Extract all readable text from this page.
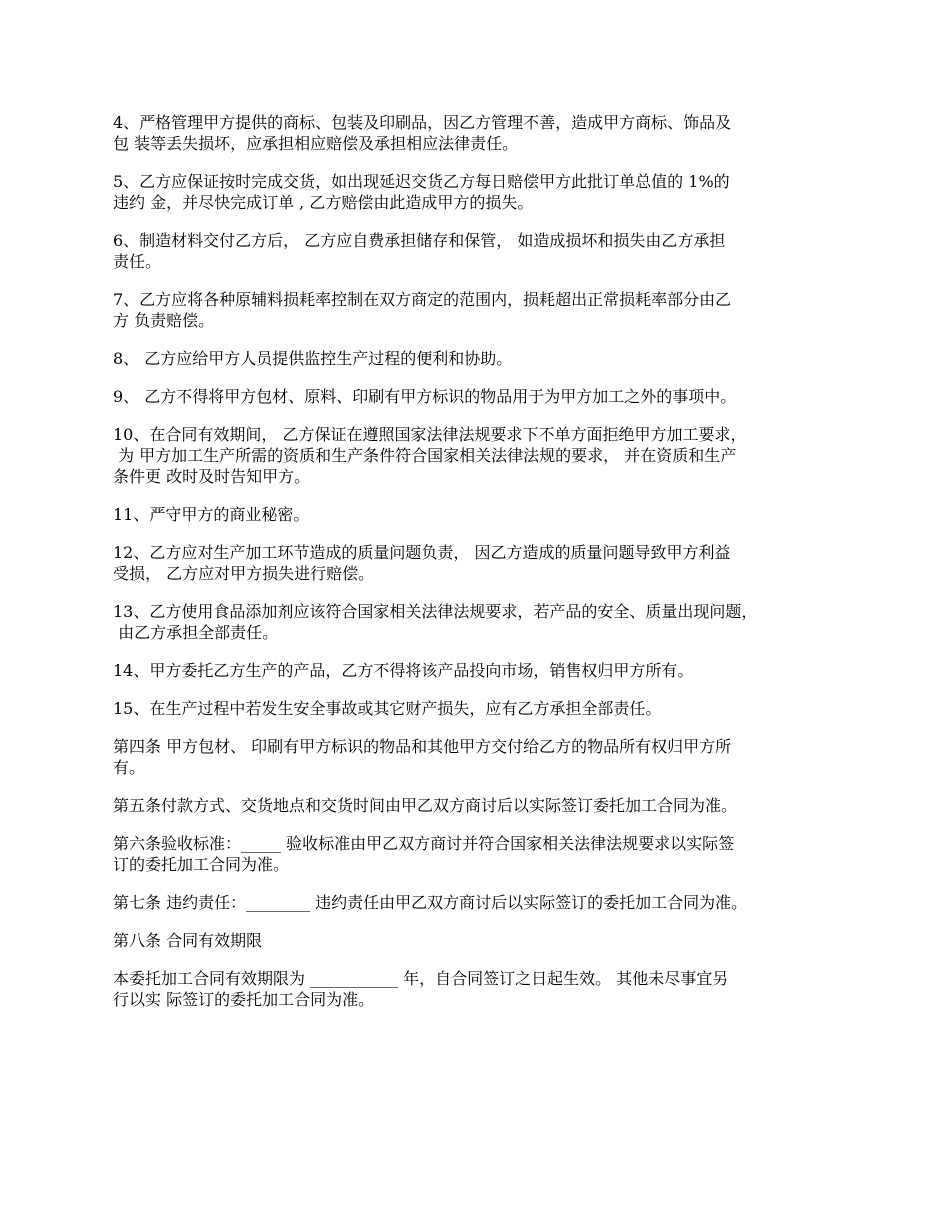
4、严格管理甲方提供的商标、包装及印刷品，因乙方管理不善，造成甲方商标、饰品及
包 装等丢失损坏，应承担相应赔偿及承担相应法律责任。

5、乙方应保证按时完成交货，如出现延迟交货乙方每日赔偿甲方此批订单总值的 1%的
违约 金，并尽快完成订单 , 乙方赔偿由此造成甲方的损失。

6、制造材料交付乙方后， 乙方应自费承担储存和保管， 如造成损坏和损失由乙方承担
责任。

7、乙方应将各种原辅料损耗率控制在双方商定的范围内，损耗超出正常损耗率部分由乙
方 负责赔偿。

8、 乙方应给甲方人员提供监控生产过程的便利和协助。

9、 乙方不得将甲方包材、原料、印刷有甲方标识的物品用于为甲方加工之外的事项中。

10、在合同有效期间， 乙方保证在遵照国家法律法规要求下不单方面拒绝甲方加工要求，
为 甲方加工生产所需的资质和生产条件符合国家相关法律法规的要求， 并在资质和生产
条件更 改时及时告知甲方。

11、严守甲方的商业秘密。

12、乙方应对生产加工环节造成的质量问题负责， 因乙方造成的质量问题导致甲方利益
受损， 乙方应对甲方损失进行赔偿。

13、乙方使用食品添加剂应该符合国家相关法律法规要求，若产品的安全、质量出现问题，
由乙方承担全部责任。

14、甲方委托乙方生产的产品，乙方不得将该产品投向市场，销售权归甲方所有。

15、在生产过程中若发生安全事故或其它财产损失，应有乙方承担全部责任。

第四条 甲方包材、 印刷有甲方标识的物品和其他甲方交付给乙方的物品所有权归甲方所
有。

第五条付款方式、交货地点和交货时间由甲乙双方商讨后以实际签订委托加工合同为准。

第六条验收标准：_____ 验收标准由甲乙双方商讨并符合国家相关法律法规要求以实际签
订的委托加工合同为准。

第七条 违约责任：________ 违约责任由甲乙双方商讨后以实际签订的委托加工合同为准。

第八条 合同有效期限

本委托加工合同有效期限为 ___________ 年，自合同签订之日起生效。 其他未尽事宜另
行以实 际签订的委托加工合同为准。
